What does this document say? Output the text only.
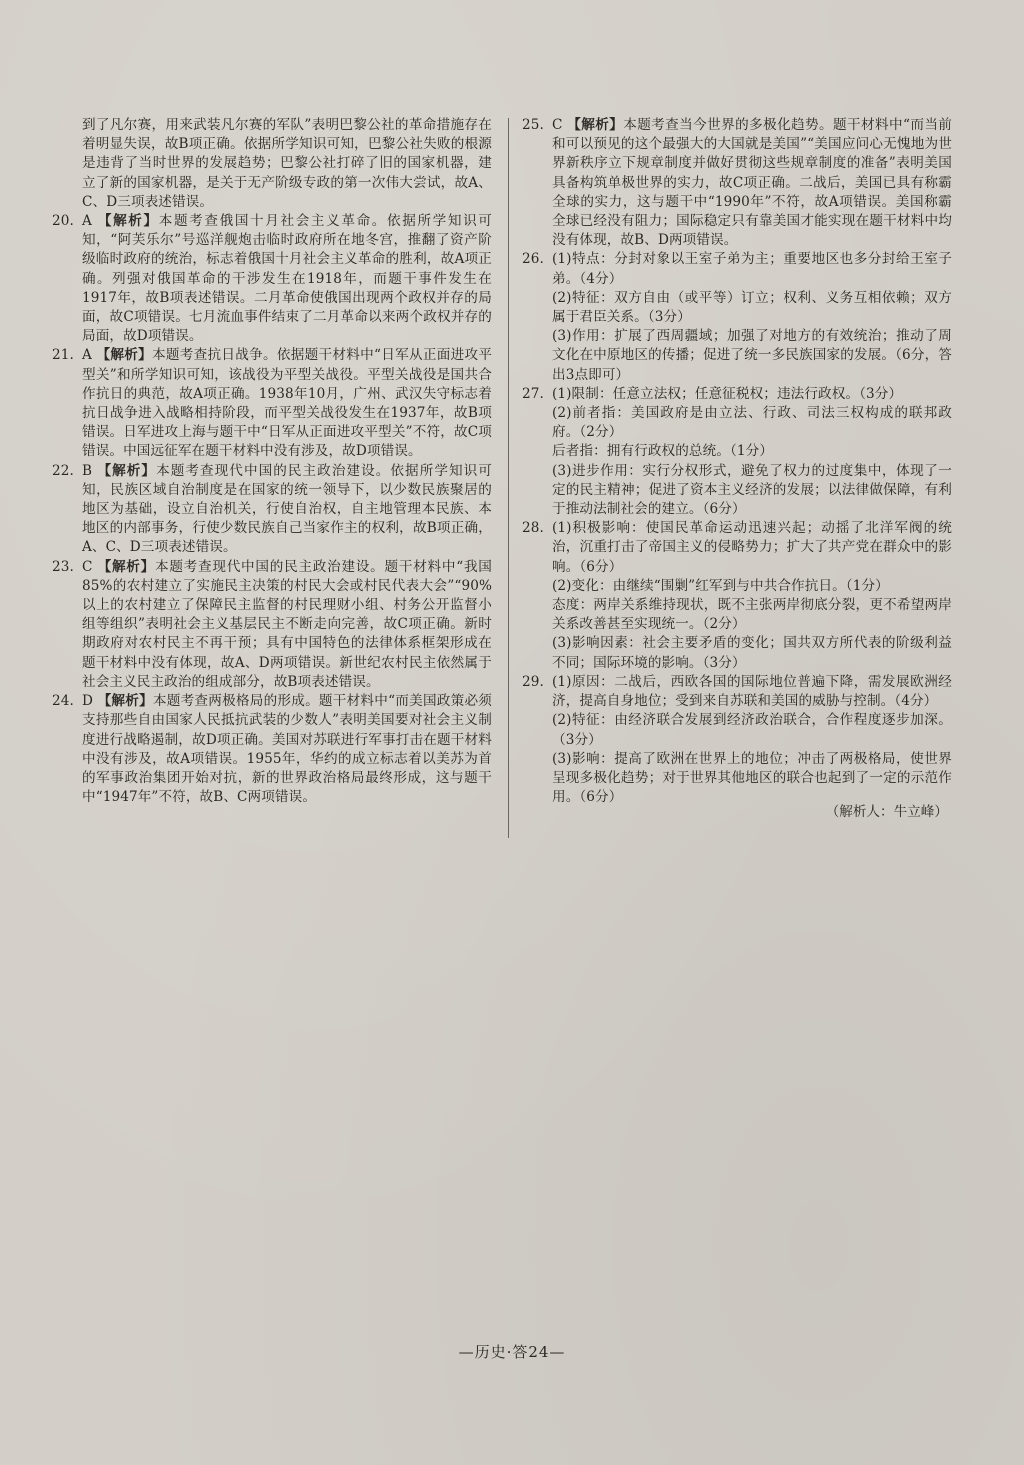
到了凡尔赛，用来武装凡尔赛的军队”表明巴黎公社的革命措施存在着明显失误，故B项正确。依据所学知识可知，巴黎公社失败的根源是违背了当时世界的发展趋势；巴黎公社打碎了旧的国家机器，建立了新的国家机器，是关于无产阶级专政的第一次伟大尝试，故A、C、D三项表述错误。

20. A 【解析】本题考查俄国十月社会主义革命。依据所学知识可知，“阿芙乐尔”号巡洋舰炮击临时政府所在地冬宫，推翻了资产阶级临时政府的统治，标志着俄国十月社会主义革命的胜利，故A项正确。列强对俄国革命的干涉发生在1918年，而题干事件发生在1917年，故B项表述错误。二月革命使俄国出现两个政权并存的局面，故C项错误。七月流血事件结束了二月革命以来两个政权并存的局面，故D项错误。

21. A 【解析】本题考查抗日战争。依据题干材料中“日军从正面进攻平型关”和所学知识可知，该战役为平型关战役。平型关战役是国共合作抗日的典范，故A项正确。1938年10月，广州、武汉失守标志着抗日战争进入战略相持阶段，而平型关战役发生在1937年，故B项错误。日军进攻上海与题干中“日军从正面进攻平型关”不符，故C项错误。中国远征军在题干材料中没有涉及，故D项错误。

22. B 【解析】本题考查现代中国的民主政治建设。依据所学知识可知，民族区域自治制度是在国家的统一领导下，以少数民族聚居的地区为基础，设立自治机关，行使自治权，自主地管理本民族、本地区的内部事务，行使少数民族自己当家作主的权利，故B项正确，A、C、D三项表述错误。

23. C 【解析】本题考查现代中国的民主政治建设。题干材料中“我国85%的农村建立了实施民主决策的村民大会或村民代表大会”“90%以上的农村建立了保障民主监督的村民理财小组、村务公开监督小组等组织”表明社会主义基层民主不断走向完善，故C项正确。新时期政府对农村民主不再干预；具有中国特色的法律体系框架形成在题干材料中没有体现，故A、D两项错误。新世纪农村民主依然属于社会主义民主政治的组成部分，故B项表述错误。

24. D 【解析】本题考查两极格局的形成。题干材料中“而美国政策必须支持那些自由国家人民抵抗武装的少数人”表明美国要对社会主义制度进行战略遏制，故D项正确。美国对苏联进行军事打击在题干材料中没有涉及，故A项错误。1955年，华约的成立标志着以美苏为首的军事政治集团开始对抗，新的世界政治格局最终形成，这与题干中“1947年”不符，故B、C两项错误。

25. C 【解析】本题考查当今世界的多极化趋势。题干材料中“而当前和可以预见的这个最强大的大国就是美国”“美国应问心无愧地为世界新秩序立下规章制度并做好贯彻这些规章制度的准备”表明美国具备构筑单极世界的实力，故C项正确。二战后，美国已具有称霸全球的实力，这与题干中“1990年”不符，故A项错误。美国称霸全球已经没有阻力；国际稳定只有靠美国才能实现在题干材料中均没有体现，故B、D两项错误。

26. (1)特点：分封对象以王室子弟为主；重要地区也多分封给王室子弟。（4分）

(2)特征：双方自由（或平等）订立；权利、义务互相依赖；双方属于君臣关系。（3分）

(3)作用：扩展了西周疆域；加强了对地方的有效统治；推动了周文化在中原地区的传播；促进了统一多民族国家的发展。（6分，答出3点即可）

27. (1)限制：任意立法权；任意征税权；违法行政权。（3分）

(2)前者指：美国政府是由立法、行政、司法三权构成的联邦政府。（2分）

后者指：拥有行政权的总统。（1分）

(3)进步作用：实行分权形式，避免了权力的过度集中，体现了一定的民主精神；促进了资本主义经济的发展；以法律做保障，有利于推动法制社会的建立。（6分）

28. (1)积极影响：使国民革命运动迅速兴起；动摇了北洋军阀的统治，沉重打击了帝国主义的侵略势力；扩大了共产党在群众中的影响。（6分）

(2)变化：由继续“围剿”红军到与中共合作抗日。（1分）

态度：两岸关系维持现状，既不主张两岸彻底分裂，更不希望两岸关系改善甚至实现统一。（2分）

(3)影响因素：社会主要矛盾的变化；国共双方所代表的阶级利益不同；国际环境的影响。（3分）

29. (1)原因：二战后，西欧各国的国际地位普遍下降，需发展欧洲经济，提高自身地位；受到来自苏联和美国的威胁与控制。（4分）

(2)特征：由经济联合发展到经济政治联合，合作程度逐步加深。（3分）

(3)影响：提高了欧洲在世界上的地位；冲击了两极格局，使世界呈现多极化趋势；对于世界其他地区的联合也起到了一定的示范作用。（6分）

（解析人：牛立峰）
—历史·答24—
